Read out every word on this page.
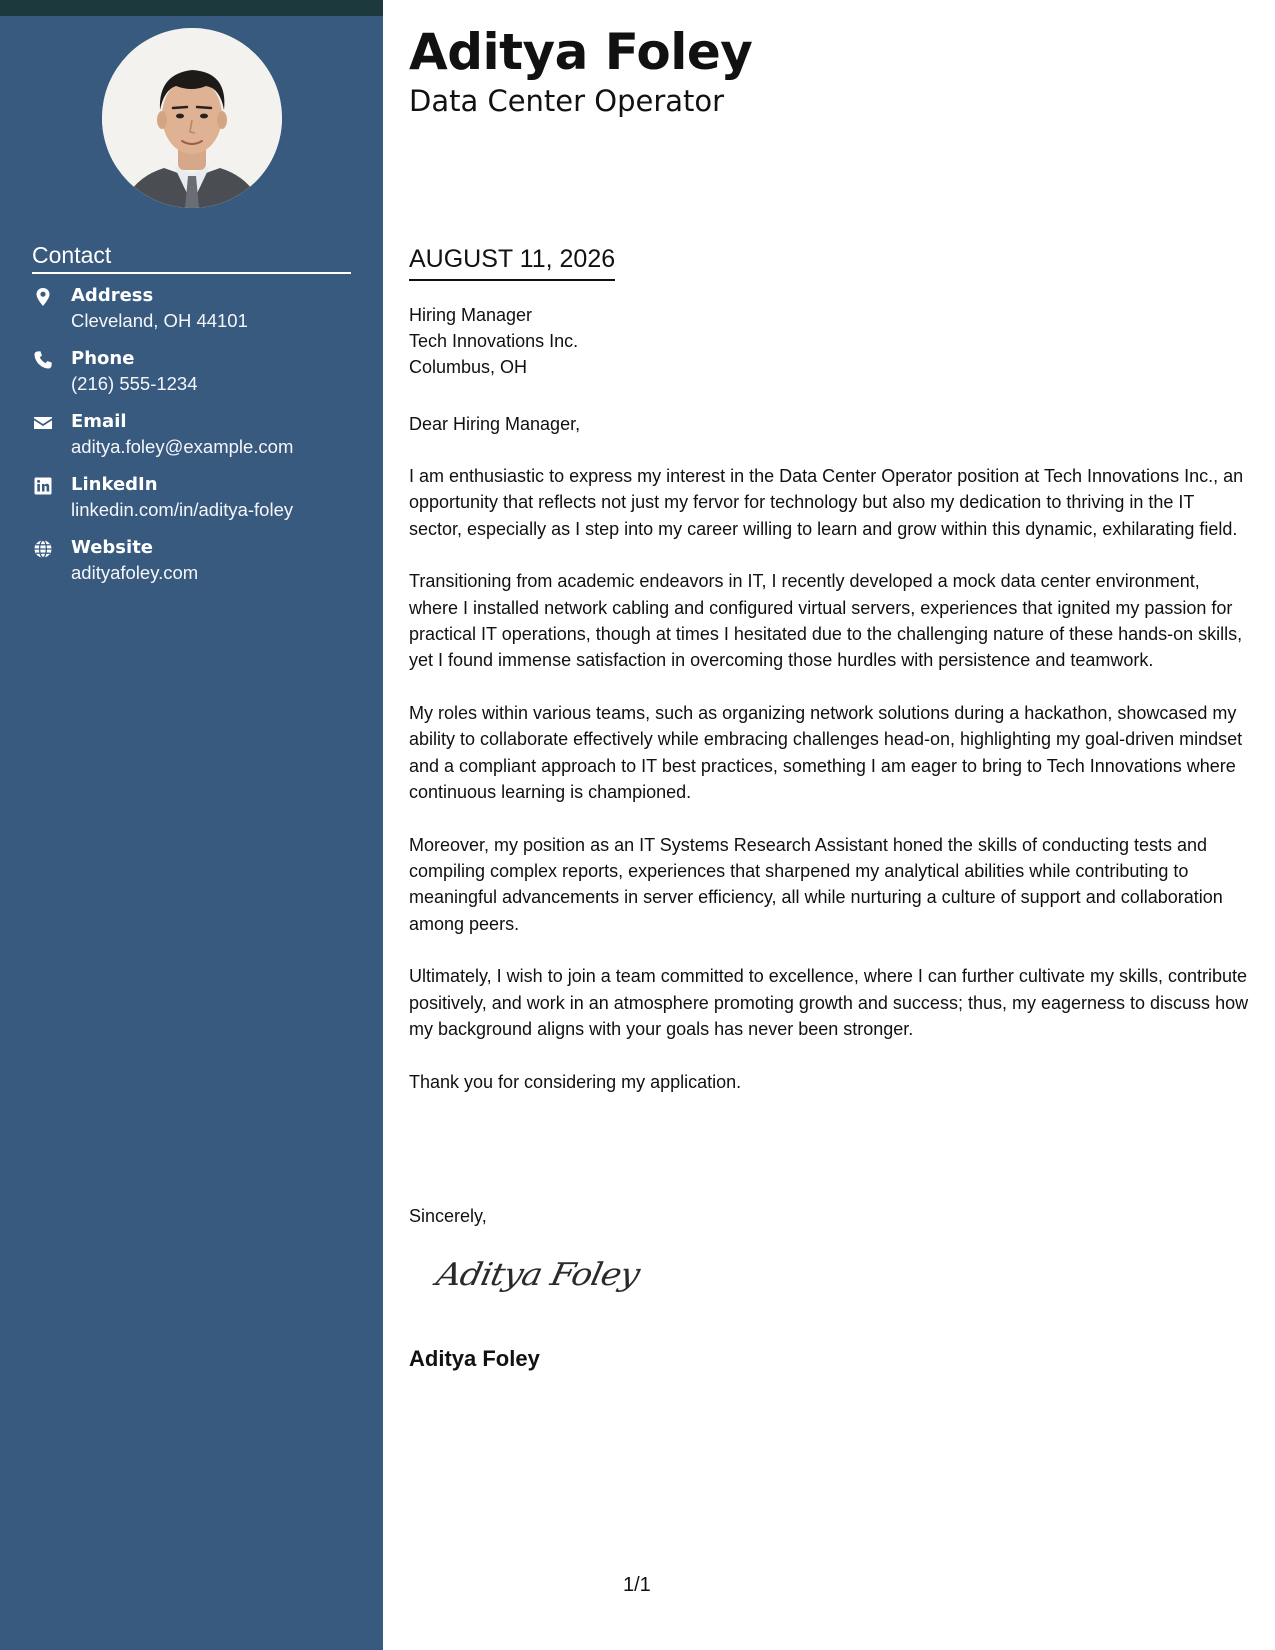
Contact
Address
Cleveland, OH 44101
Phone
(216) 555-1234
Email
aditya.foley@example.com
LinkedIn
linkedin.com/in/aditya-foley
Website
adityafoley.com
Aditya Foley
Data Center Operator
AUGUST 11, 2026
Hiring Manager
Tech Innovations Inc.
Columbus, OH
Dear Hiring Manager,

I am enthusiastic to express my interest in the Data Center Operator position at Tech Innovations Inc., an opportunity that reflects not just my fervor for technology but also my dedication to thriving in the IT sector, especially as I step into my career willing to learn and grow within this dynamic, exhilarating field.

Transitioning from academic endeavors in IT, I recently developed a mock data center environment, where I installed network cabling and configured virtual servers, experiences that ignited my passion for practical IT operations, though at times I hesitated due to the challenging nature of these hands-on skills, yet I found immense satisfaction in overcoming those hurdles with persistence and teamwork.

My roles within various teams, such as organizing network solutions during a hackathon, showcased my ability to collaborate effectively while embracing challenges head-on, highlighting my goal-driven mindset and a compliant approach to IT best practices, something I am eager to bring to Tech Innovations where continuous learning is championed.

Moreover, my position as an IT Systems Research Assistant honed the skills of conducting tests and compiling complex reports, experiences that sharpened my analytical abilities while contributing to meaningful advancements in server efficiency, all while nurturing a culture of support and collaboration among peers.

Ultimately, I wish to join a team committed to excellence, where I can further cultivate my skills, contribute positively, and work in an atmosphere promoting growth and success; thus, my eagerness to discuss how my background aligns with your goals has never been stronger.

Thank you for considering my application.

Sincerely,
Aditya Foley
Aditya Foley
1/1
